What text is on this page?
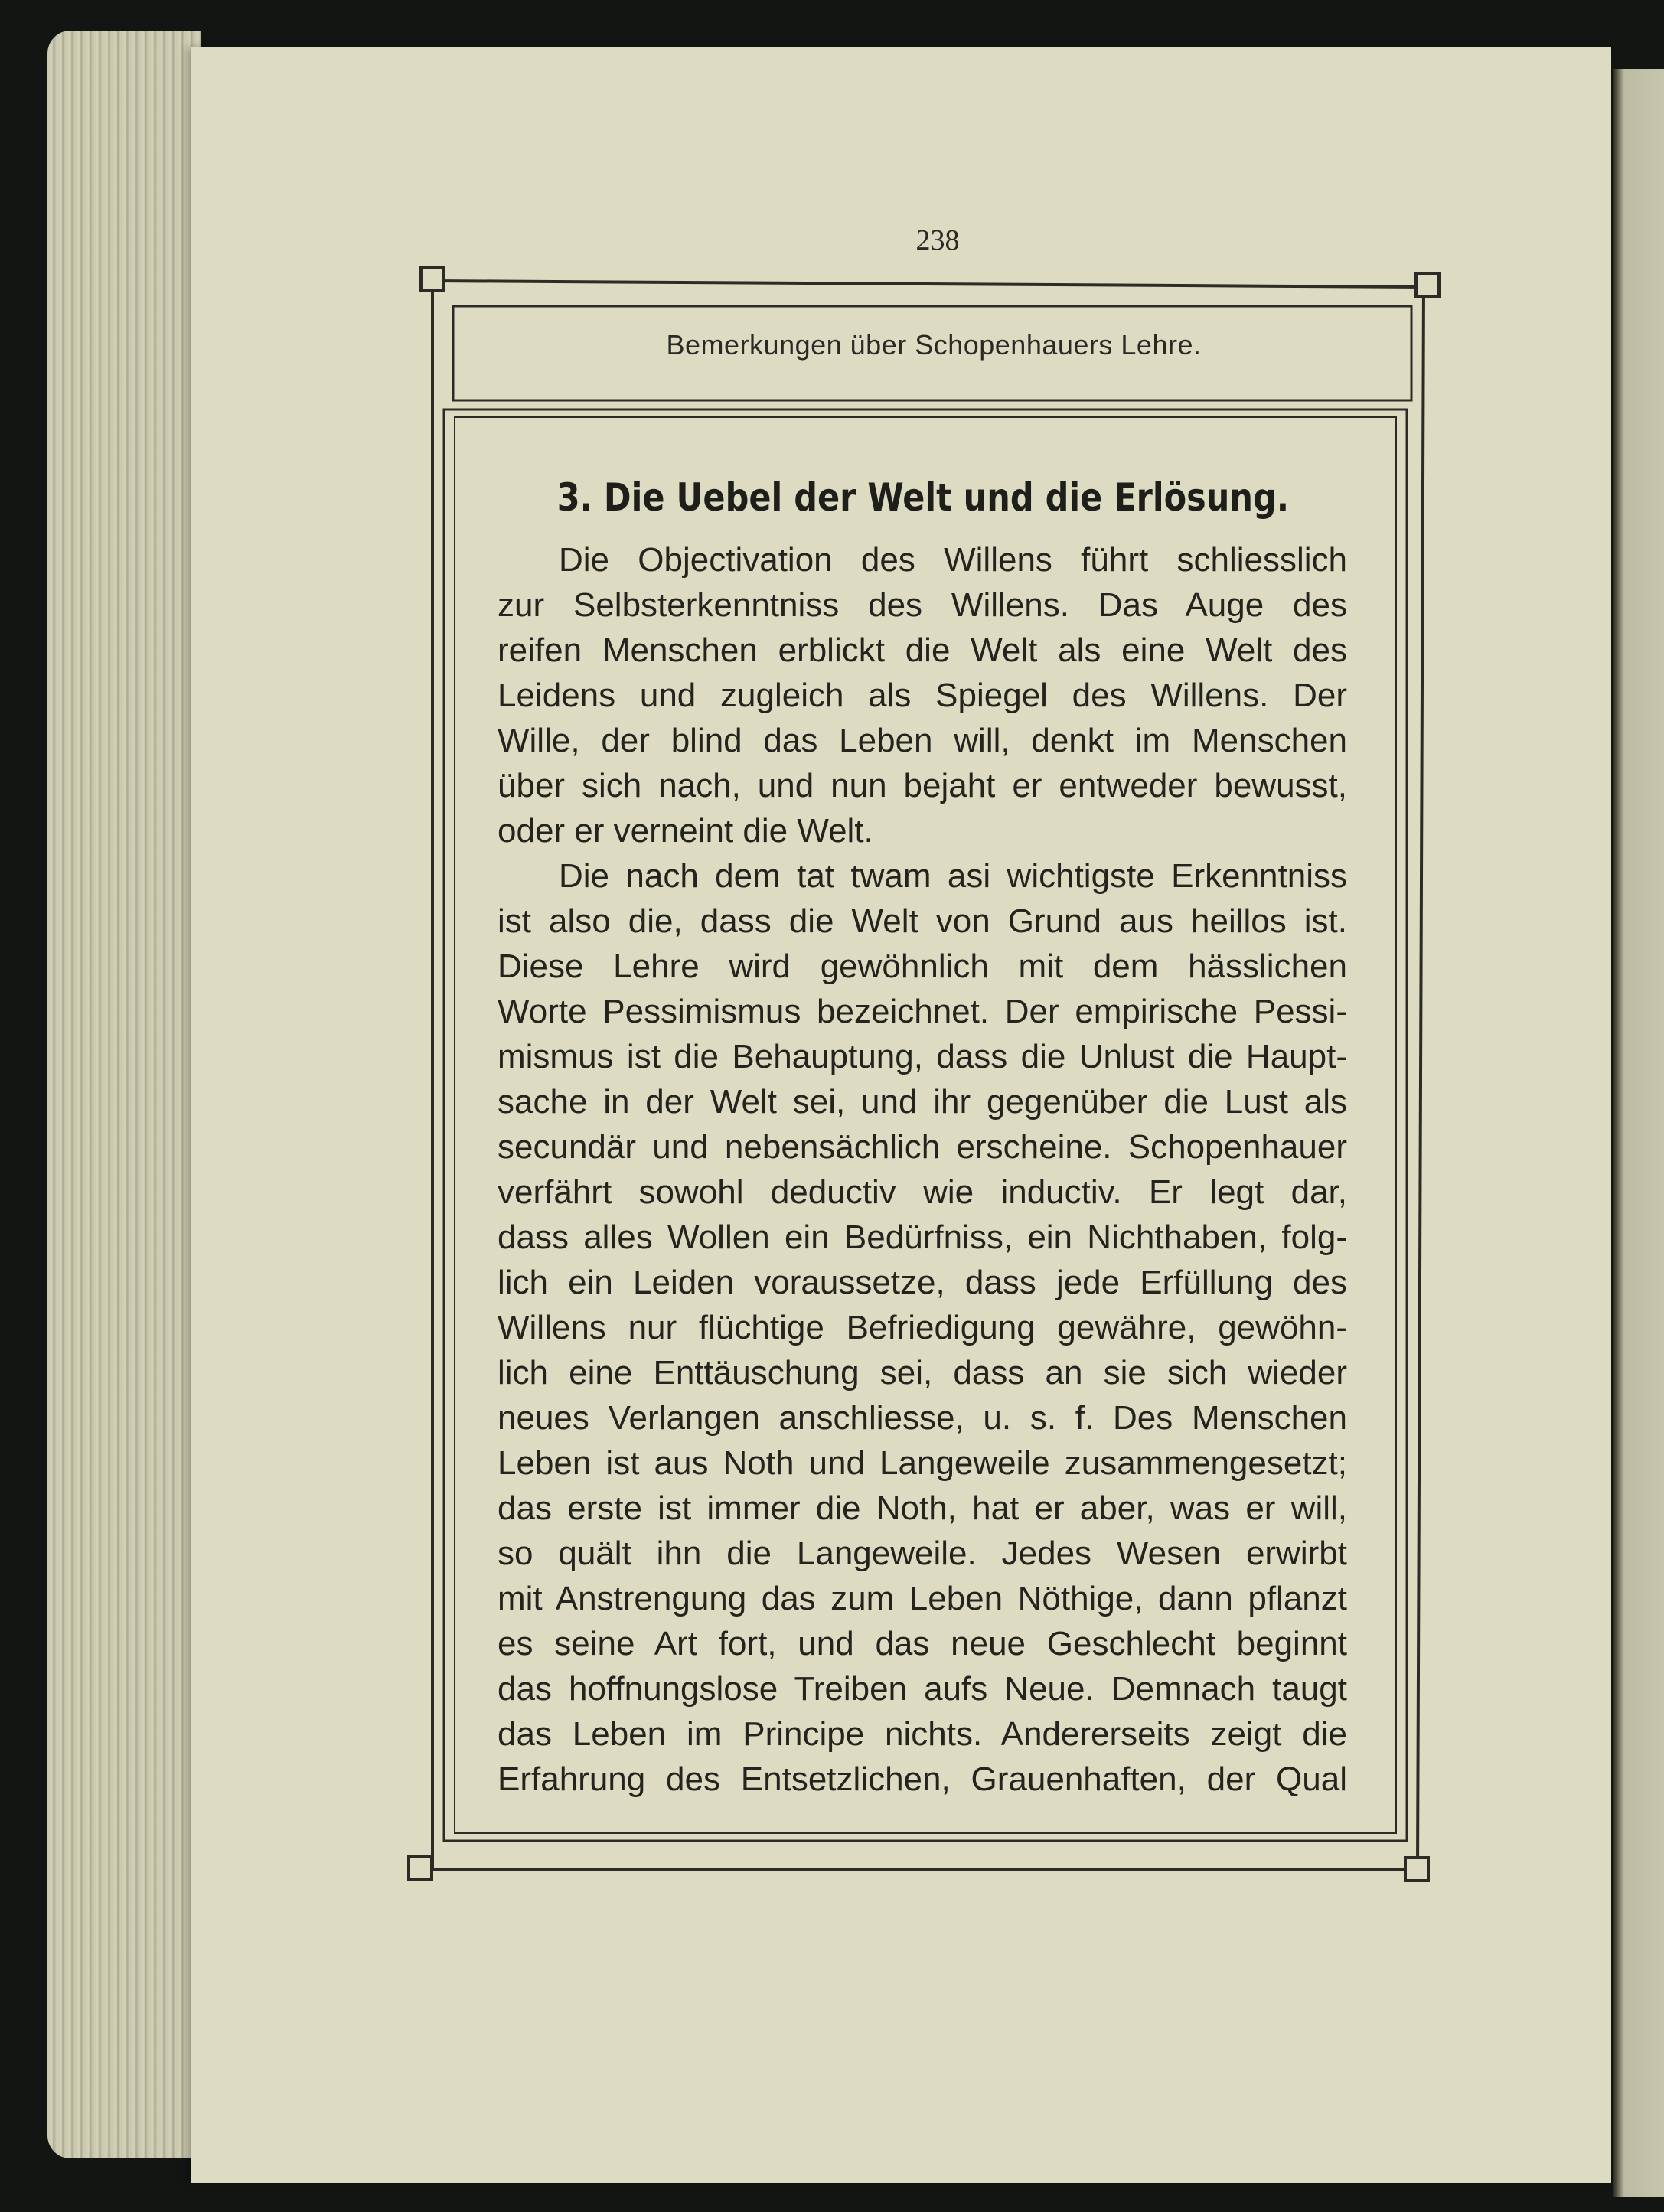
238
Bemerkungen über Schopenhauers Lehre.
3. Die Uebel der Welt und die Erlösung.
Die Objectivation des Willens führt schliesslich
zur Selbsterkenntniss des Willens. Das Auge des
reifen Menschen erblickt die Welt als eine Welt des
Leidens und zugleich als Spiegel des Willens. Der
Wille, der blind das Leben will, denkt im Menschen
über sich nach, und nun bejaht er entweder bewusst,
oder er verneint die Welt.
Die nach dem tat twam asi wichtigste Erkenntniss
ist also die, dass die Welt von Grund aus heillos ist.
Diese Lehre wird gewöhnlich mit dem hässlichen
Worte Pessimismus bezeichnet. Der empirische Pessi-
mismus ist die Behauptung, dass die Unlust die Haupt-
sache in der Welt sei, und ihr gegenüber die Lust als
secundär und nebensächlich erscheine. Schopenhauer
verfährt sowohl deductiv wie inductiv. Er legt dar,
dass alles Wollen ein Bedürfniss, ein Nichthaben, folg-
lich ein Leiden voraussetze, dass jede Erfüllung des
Willens nur flüchtige Befriedigung gewähre, gewöhn-
lich eine Enttäuschung sei, dass an sie sich wieder
neues Verlangen anschliesse, u. s. f. Des Menschen
Leben ist aus Noth und Langeweile zusammengesetzt;
das erste ist immer die Noth, hat er aber, was er will,
so quält ihn die Langeweile. Jedes Wesen erwirbt
mit Anstrengung das zum Leben Nöthige, dann pflanzt
es seine Art fort, und das neue Geschlecht beginnt
das hoffnungslose Treiben aufs Neue. Demnach taugt
das Leben im Principe nichts. Andererseits zeigt die
Erfahrung des Entsetzlichen, Grauenhaften, der Qual
